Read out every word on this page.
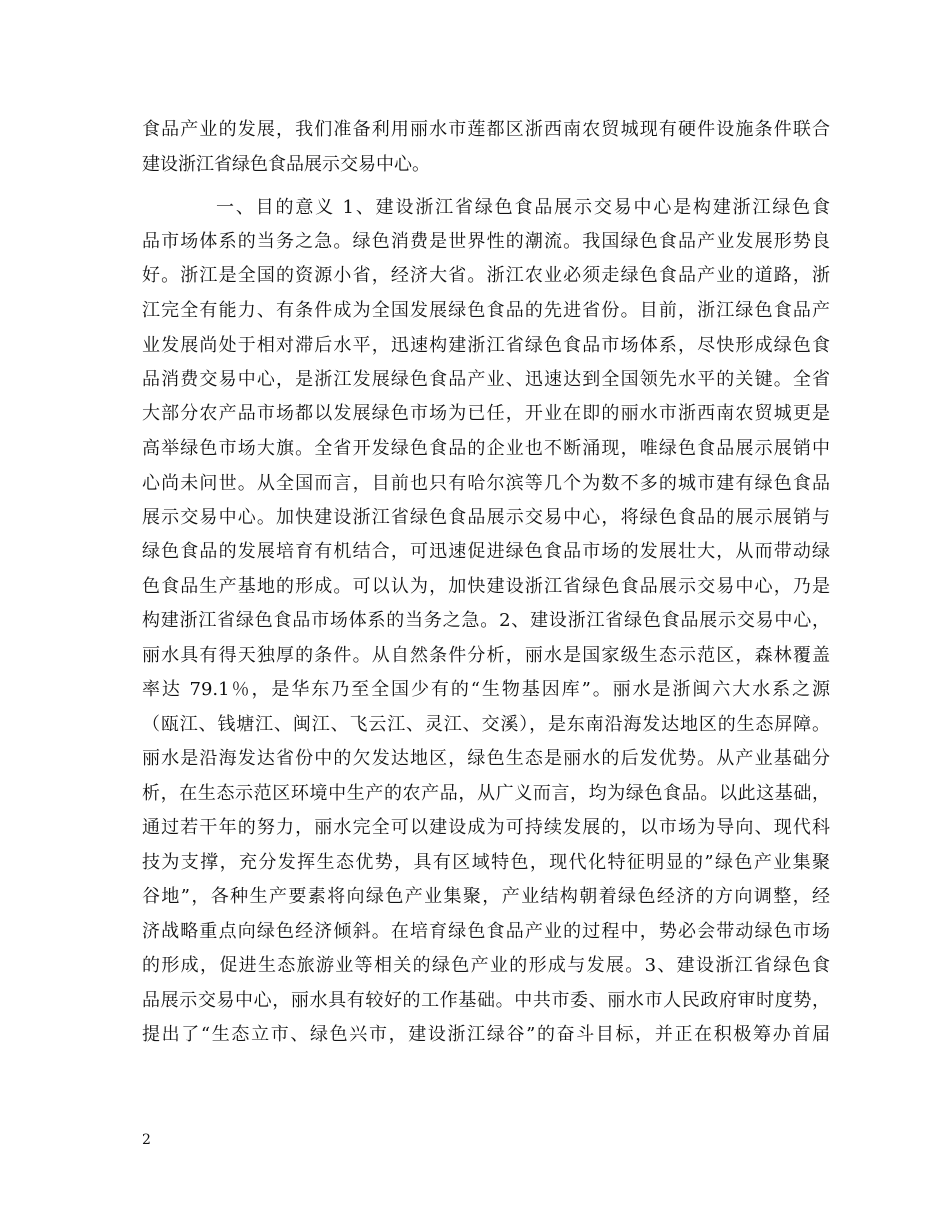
食品产业的发展，我们准备利用丽水市莲都区浙西南农贸城现有硬件设施条件联合
建设浙江省绿色食品展示交易中心。
一、目的意义 1、建设浙江省绿色食品展示交易中心是构建浙江绿色食
品市场体系的当务之急。绿色消费是世界性的潮流。我国绿色食品产业发展形势良
好。浙江是全国的资源小省，经济大省。浙江农业必须走绿色食品产业的道路，浙
江完全有能力、有条件成为全国发展绿色食品的先进省份。目前，浙江绿色食品产
业发展尚处于相对滞后水平，迅速构建浙江省绿色食品市场体系，尽快形成绿色食
品消费交易中心，是浙江发展绿色食品产业、迅速达到全国领先水平的关键。全省
大部分农产品市场都以发展绿色市场为已任，开业在即的丽水市浙西南农贸城更是
高举绿色市场大旗。全省开发绿色食品的企业也不断涌现，唯绿色食品展示展销中
心尚未问世。从全国而言，目前也只有哈尔滨等几个为数不多的城市建有绿色食品
展示交易中心。加快建设浙江省绿色食品展示交易中心，将绿色食品的展示展销与
绿色食品的发展培育有机结合，可迅速促进绿色食品市场的发展壮大，从而带动绿
色食品生产基地的形成。可以认为，加快建设浙江省绿色食品展示交易中心，乃是
构建浙江省绿色食品市场体系的当务之急。2、建设浙江省绿色食品展示交易中心，
丽水具有得天独厚的条件。从自然条件分析，丽水是国家级生态示范区，森林覆盖
率达 79.1％，是华东乃至全国少有的“生物基因库”。丽水是浙闽六大水系之源
（瓯江、钱塘江、闽江、飞云江、灵江、交溪），是东南沿海发达地区的生态屏障。
丽水是沿海发达省份中的欠发达地区，绿色生态是丽水的后发优势。从产业基础分
析，在生态示范区环境中生产的农产品，从广义而言，均为绿色食品。以此这基础，
通过若干年的努力，丽水完全可以建设成为可持续发展的，以市场为导向、现代科
技为支撑，充分发挥生态优势，具有区域特色，现代化特征明显的”绿色产业集聚
谷地”，各种生产要素将向绿色产业集聚，产业结构朝着绿色经济的方向调整，经
济战略重点向绿色经济倾斜。在培育绿色食品产业的过程中，势必会带动绿色市场
的形成，促进生态旅游业等相关的绿色产业的形成与发展。3、建设浙江省绿色食
品展示交易中心，丽水具有较好的工作基础。中共市委、丽水市人民政府审时度势，
提出了“生态立市、绿色兴市，建设浙江绿谷”的奋斗目标，并正在积极筹办首届
2
